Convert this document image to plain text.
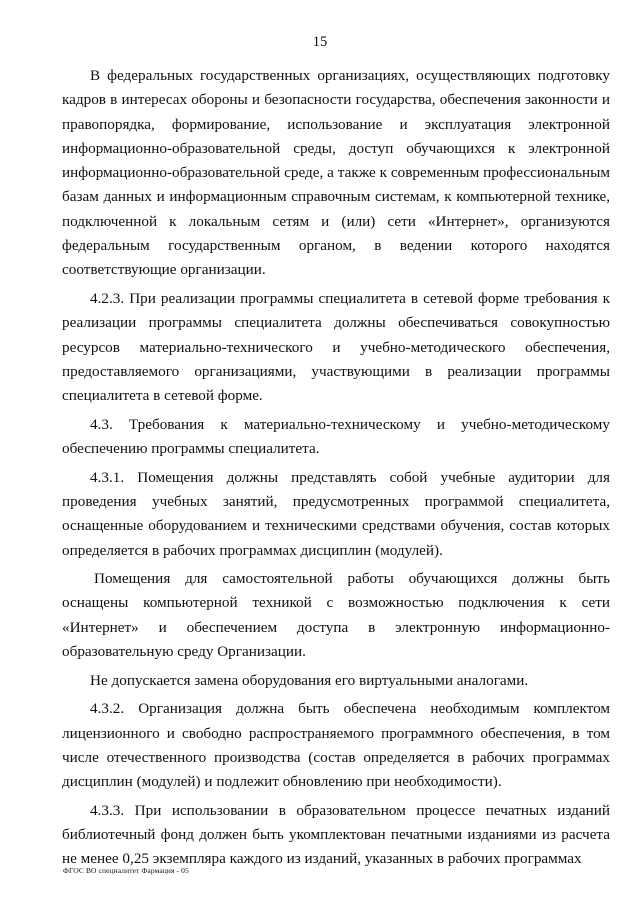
15

В федеральных государственных организациях, осуществляющих подготовку кадров в интересах обороны и безопасности государства, обеспечения законности и правопорядка, формирование, использование и эксплуатация электронной информационно-образовательной среды, доступ обучающихся к электронной информационно-образовательной среде, а также к современным профессиональным базам данных и информационным справочным системам, к компьютерной технике, подключенной к локальным сетям и (или) сети «Интернет», организуются федеральным государственным органом, в ведении которого находятся соответствующие организации.

4.2.3. При реализации программы специалитета в сетевой форме требования к реализации программы специалитета должны обеспечиваться совокупностью ресурсов материально-технического и учебно-методического обеспечения, предоставляемого организациями, участвующими в реализации программы специалитета в сетевой форме.

4.3. Требования к материально-техническому и учебно-методическому обеспечению программы специалитета.

4.3.1. Помещения должны представлять собой учебные аудитории для проведения учебных занятий, предусмотренных программой специалитета, оснащенные оборудованием и техническими средствами обучения, состав которых определяется в рабочих программах дисциплин (модулей).

Помещения для самостоятельной работы обучающихся должны быть оснащены компьютерной техникой с возможностью подключения к сети «Интернет» и обеспечением доступа в электронную информационно-образовательную среду Организации.

Не допускается замена оборудования его виртуальными аналогами.

4.3.2. Организация должна быть обеспечена необходимым комплектом лицензионного и свободно распространяемого программного обеспечения, в том числе отечественного производства (состав определяется в рабочих программах дисциплин (модулей) и подлежит обновлению при необходимости).

4.3.3. При использовании в образовательном процессе печатных изданий библиотечный фонд должен быть укомплектован печатными изданиями из расчета не менее 0,25 экземпляра каждого из изданий, указанных в рабочих программах

ФГОС ВО специалитет Фармация - 05
